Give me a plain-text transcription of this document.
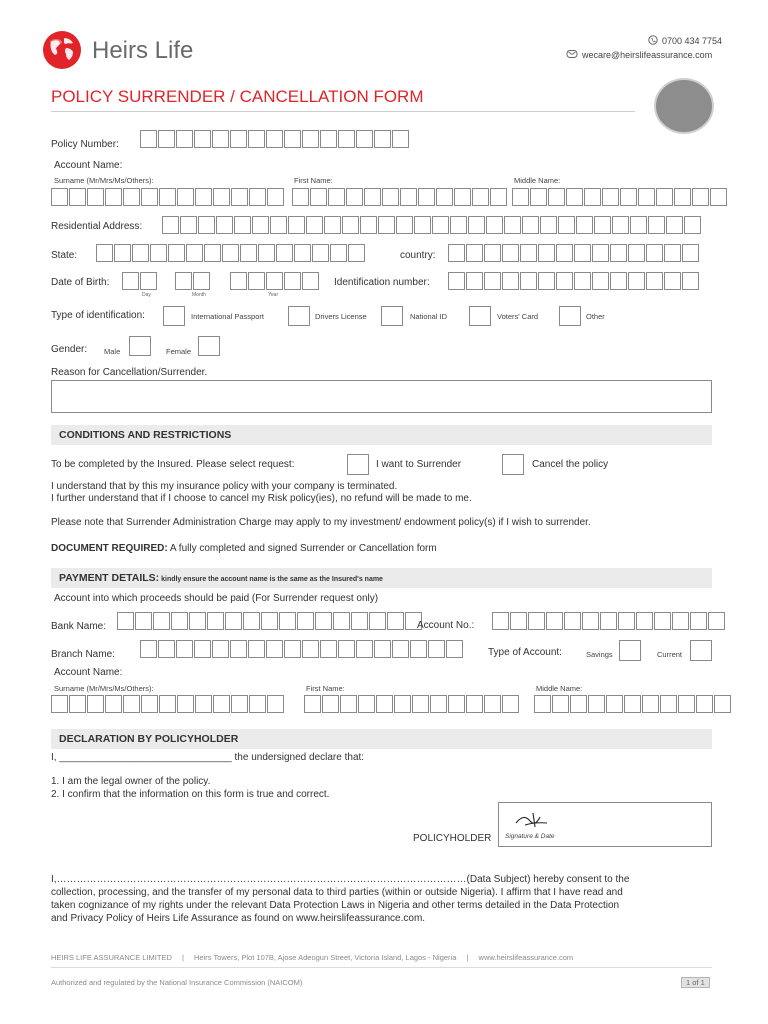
Heirs Life	0700 434 7754
wecare@heirslifeassurance.com
POLICY SURRENDER / CANCELLATION FORM
Policy Number:
Account Name:
Surname (Mr/Mrs/Ms/Others):	First Name:	Middle Name:
Residential Address:
State:	country:
Date of Birth:
Day	Month	Year
Identification number:
Type of identification:	International Passport	Drivers License	National ID	Voters' Card	Other
Gender: Male	Female
Reason for Cancellation/Surrender.
CONDITIONS AND RESTRICTIONS
To be completed by the Insured. Please select request:	I want to Surrender	Cancel the policy
I understand that by this my insurance policy with your company is terminated.
I further understand that if I choose to cancel my Risk policy(ies), no refund will be made to me.
Please note that Surrender Administration Charge may apply to my investment/ endowment policy(s) if I wish to surrender.
DOCUMENT REQUIRED: A fully completed and signed Surrender or Cancellation form
PAYMENT DETAILS: kindly ensure the account name is the same as the Insured's name
Account into which proceeds should be paid (For Surrender request only)
Bank Name:	Account No.:
Branch Name:	Type of Account:	Savings	Current
Account Name:
Surname (Mr/Mrs/Ms/Others):	First Name:	Middle Name:
DECLARATION BY POLICYHOLDER
I, _______________________________ the undersigned declare that:
1. I am the legal owner of the policy.
2. I confirm that the information on this form is true and correct.
POLICYHOLDER Signature & Date
I,……………………………………………………………………………………………………………(Data Subject) hereby consent to the
collection, processing, and the transfer of my personal data to third parties (within or outside Nigeria). I affirm that I have read and
taken cognizance of my rights under the relevant Data Protection Laws in Nigeria and other terms detailed in the Data Protection
and Privacy Policy of Heirs Life Assurance as found on www.heirslifeassurance.com.
HEIRS LIFE ASSURANCE LIMITED | Heirs Towers, Plot 107B, Ajose Adeogun Street, Victoria Island, Lagos - Nigeria | www.heirslifeassurance.com
Authorized and regulated by the National Insurance Commission (NAICOM)	1 of 1
